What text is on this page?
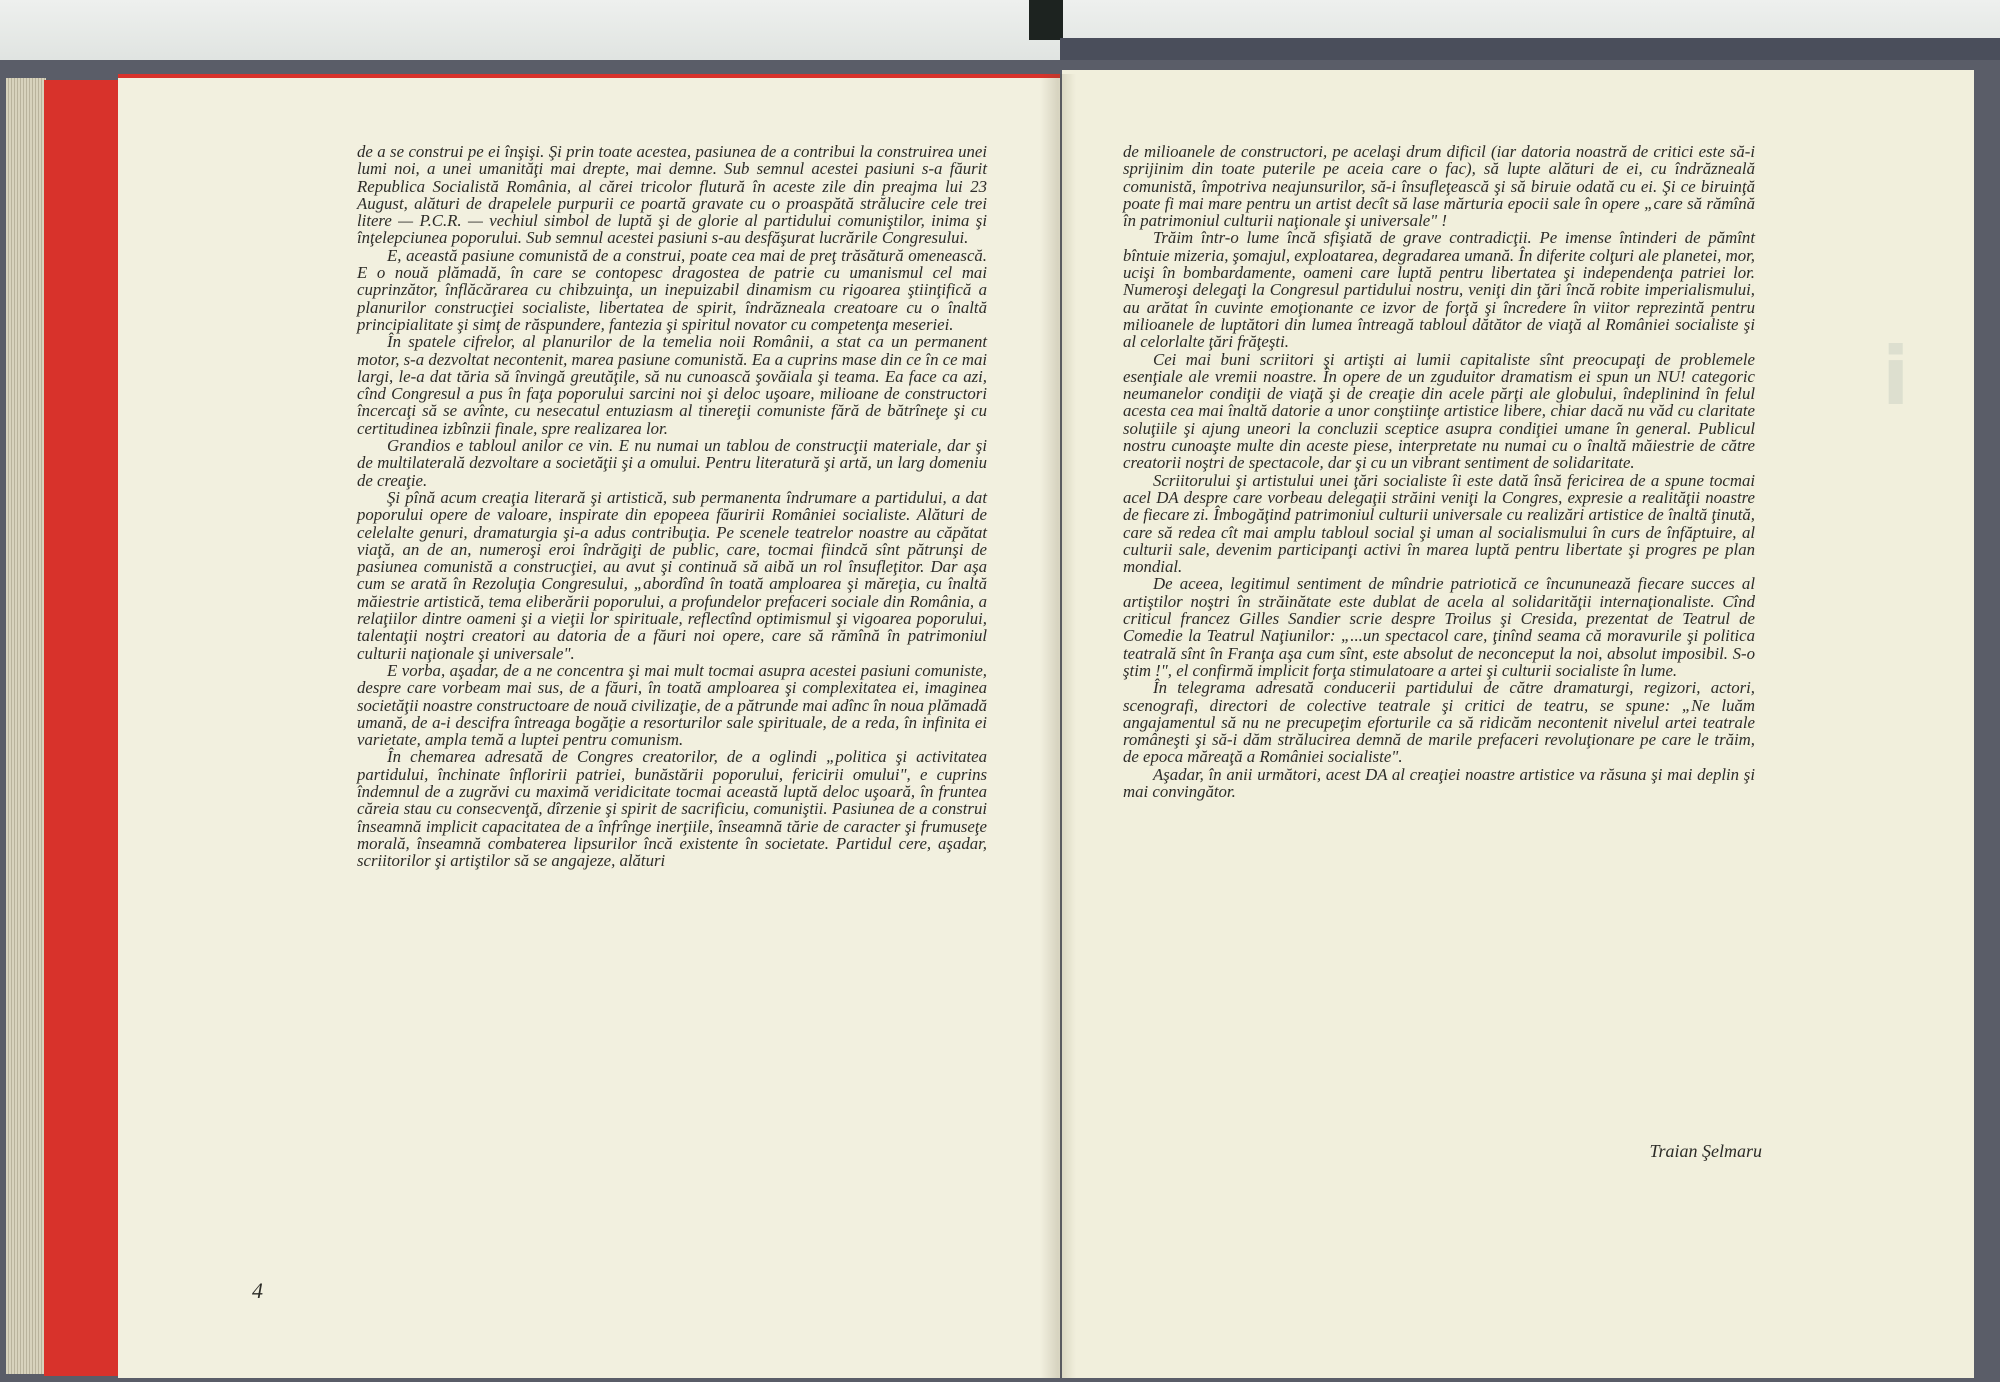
i

de a se construi pe ei înşişi. Şi prin toate acestea, pasiunea de a contribui la construirea unei lumi noi, a unei umanităţi mai drepte, mai demne. Sub semnul acestei pasiuni s-a făurit Republica Socialistă România, al cărei tricolor flutură în aceste zile din preajma lui 23 August, alături de drapelele purpurii ce poartă gravate cu o proaspătă strălucire cele trei litere — P.C.R. — vechiul simbol de luptă şi de glorie al partidului comuniştilor, inima şi înţelepciunea poporului. Sub semnul acestei pasiuni s-au desfăşurat lucrările Congresului.

E, această pasiune comunistă de a construi, poate cea mai de preţ trăsătură omenească. E o nouă plămadă, în care se contopesc dragostea de patrie cu umanismul cel mai cuprinzător, înflăcărarea cu chibzuinţa, un inepuizabil dinamism cu rigoarea ştiinţifică a planurilor construcţiei socialiste, libertatea de spirit, îndrăzneala creatoare cu o înaltă principialitate şi simţ de răspundere, fantezia şi spiritul novator cu competenţa meseriei.

În spatele cifrelor, al planurilor de la temelia noii Românii, a stat ca un permanent motor, s-a dezvoltat necontenit, marea pasiune comunistă. Ea a cuprins mase din ce în ce mai largi, le-a dat tăria să învingă greutăţile, să nu cunoască şovăiala şi teama. Ea face ca azi, cînd Congresul a pus în faţa poporului sarcini noi şi deloc uşoare, milioane de constructori încercaţi să se avînte, cu nesecatul entuziasm al tinereţii comuniste fără de bătrîneţe şi cu certitudinea izbînzii finale, spre realizarea lor.

Grandios e tabloul anilor ce vin. E nu numai un tablou de construcţii materiale, dar şi de multilaterală dezvoltare a societăţii şi a omului. Pentru literatură şi artă, un larg domeniu de creaţie.

Şi pînă acum creaţia literară şi artistică, sub permanenta îndrumare a partidului, a dat poporului opere de valoare, inspirate din epopeea făuririi României socialiste. Alături de celelalte genuri, dramaturgia şi-a adus contribuţia. Pe scenele teatrelor noastre au căpătat viaţă, an de an, numeroşi eroi îndrăgiţi de public, care, tocmai fiindcă sînt pătrunşi de pasiunea comunistă a construcţiei, au avut şi continuă să aibă un rol însufleţitor. Dar aşa cum se arată în Rezoluţia Congresului, „abordînd în toată amploarea şi măreţia, cu înaltă măiestrie artistică, tema eliberării poporului, a profundelor prefaceri sociale din România, a relaţiilor dintre oameni şi a vieţii lor spirituale, reflectînd optimismul şi vigoarea poporului, talentaţii noştri creatori au datoria de a făuri noi opere, care să rămînă în patrimoniul culturii naţionale şi universale".

E vorba, aşadar, de a ne concentra şi mai mult tocmai asupra acestei pasiuni comuniste, despre care vorbeam mai sus, de a făuri, în toată amploarea şi complexitatea ei, imaginea societăţii noastre constructoare de nouă civilizaţie, de a pătrunde mai adînc în noua plămadă umană, de a-i descifra întreaga bogăţie a resorturilor sale spirituale, de a reda, în infinita ei varietate, ampla temă a luptei pentru comunism.

În chemarea adresată de Congres creatorilor, de a oglindi „politica şi activitatea partidului, închinate înfloririi patriei, bunăstării poporului, fericirii omului", e cuprins îndemnul de a zugrăvi cu maximă veridicitate tocmai această luptă deloc uşoară, în fruntea căreia stau cu consecvenţă, dîrzenie şi spirit de sacrificiu, comuniştii. Pasiunea de a construi înseamnă implicit capacitatea de a înfrînge inerţiile, înseamnă tărie de caracter şi frumuseţe morală, înseamnă combaterea lipsurilor încă existente în societate. Partidul cere, aşadar, scriitorilor şi artiştilor să se angajeze, alături

4

de milioanele de constructori, pe acelaşi drum dificil (iar datoria noastră de critici este să-i sprijinim din toate puterile pe aceia care o fac), să lupte alături de ei, cu îndrăzneală comunistă, împotriva neajunsurilor, să-i însufleţească şi să biruie odată cu ei. Şi ce biruinţă poate fi mai mare pentru un artist decît să lase mărturia epocii sale în opere „care să rămînă în patrimoniul culturii naţionale şi universale" !

Trăim într-o lume încă sfişiată de grave contradicţii. Pe imense întinderi de pămînt bîntuie mizeria, şomajul, exploatarea, degradarea umană. În diferite colţuri ale planetei, mor, ucişi în bombardamente, oameni care luptă pentru libertatea şi independenţa patriei lor. Numeroşi delegaţi la Congresul partidului nostru, veniţi din ţări încă robite imperialismului, au arătat în cuvinte emoţionante ce izvor de forţă şi încredere în viitor reprezintă pentru milioanele de luptători din lumea întreagă tabloul dătător de viaţă al României socialiste şi al celorlalte ţări frăţeşti.

Cei mai buni scriitori şi artişti ai lumii capitaliste sînt preocupaţi de problemele esenţiale ale vremii noastre. În opere de un zguduitor dramatism ei spun un NU! categoric neumanelor condiţii de viaţă şi de creaţie din acele părţi ale globului, îndeplinind în felul acesta cea mai înaltă datorie a unor conştiinţe artistice libere, chiar dacă nu văd cu claritate soluţiile şi ajung uneori la concluzii sceptice asupra condiţiei umane în general. Publicul nostru cunoaşte multe din aceste piese, interpretate nu numai cu o înaltă măiestrie de către creatorii noştri de spectacole, dar şi cu un vibrant sentiment de solidaritate.

Scriitorului şi artistului unei ţări socialiste îi este dată însă fericirea de a spune tocmai acel DA despre care vorbeau delegaţii străini veniţi la Congres, expresie a realităţii noastre de fiecare zi. Îmbogăţind patrimoniul culturii universale cu realizări artistice de înaltă ţinută, care să redea cît mai amplu tabloul social şi uman al socialismului în curs de înfăptuire, al culturii sale, devenim participanţi activi în marea luptă pentru libertate şi progres pe plan mondial.

De aceea, legitimul sentiment de mîndrie patriotică ce încununează fiecare succes al artiştilor noştri în străinătate este dublat de acela al solidarităţii internaţionaliste. Cînd criticul francez Gilles Sandier scrie despre Troilus şi Cresida, prezentat de Teatrul de Comedie la Teatrul Naţiunilor: „...un spectacol care, ţinînd seama că moravurile şi politica teatrală sînt în Franţa aşa cum sînt, este absolut de neconceput la noi, absolut imposibil. S-o ştim !", el confirmă implicit forţa stimulatoare a artei şi culturii socialiste în lume.

În telegrama adresată conducerii partidului de către dramaturgi, regizori, actori, scenografi, directori de colective teatrale şi critici de teatru, se spune: „Ne luăm angajamentul să nu ne precupeţim eforturile ca să ridicăm necontenit nivelul artei teatrale româneşti şi să-i dăm strălucirea demnă de marile prefaceri revoluţionare pe care le trăim, de epoca măreaţă a României socialiste".

Aşadar, în anii următori, acest DA al creaţiei noastre artistice va răsuna şi mai deplin şi mai convingător.

Traian Şelmaru
